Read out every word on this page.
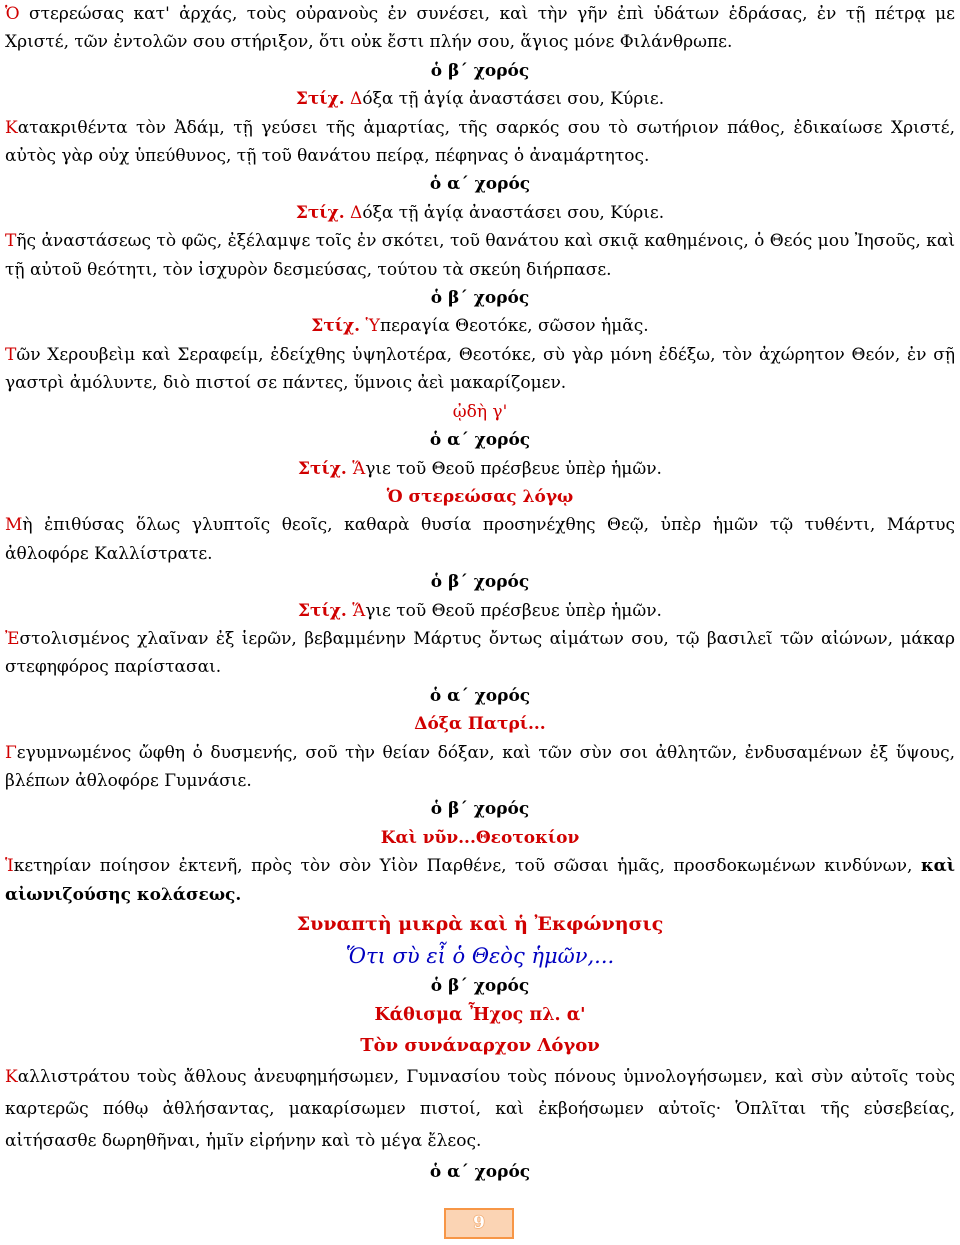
Ὁ στερεώσας κατ' ἀρχάς, τοὺς οὐρανοὺς ἐν συνέσει, καὶ τὴν γῆν ἐπὶ ὑδάτων ἑδράσας, ἐν τῇ πέτρᾳ με Χριστέ, τῶν ἐντολῶν σου στήριξον, ὅτι οὐκ ἔστι πλήν σου, ἅγιος μόνε Φιλάνθρωπε.

ὁ β΄ χορός

Στίχ. Δόξα τῇ ἁγίᾳ ἀναστάσει σου, Κύριε.

Κατακριθέντα τὸν Ἀδάμ, τῇ γεύσει τῆς ἁμαρτίας, τῆς σαρκός σου τὸ σωτήριον πάθος, ἐδικαίωσε Χριστέ, αὐτὸς γὰρ οὐχ ὑπεύθυνος, τῇ τοῦ θανάτου πείρᾳ, πέφηνας ὁ ἀναμάρτητος.

ὁ α΄ χορός

Στίχ. Δόξα τῇ ἁγίᾳ ἀναστάσει σου, Κύριε.

Τῆς ἀναστάσεως τὸ φῶς, ἐξέλαμψε τοῖς ἐν σκότει, τοῦ θανάτου καὶ σκιᾷ καθημένοις, ὁ Θεός μου Ἰησοῦς, καὶ τῇ αὐτοῦ θεότητι, τὸν ἰσχυρὸν δεσμεύσας, τούτου τὰ σκεύη διήρπασε.

ὁ β΄ χορός

Στίχ. Ὑπεραγία Θεοτόκε, σῶσον ἡμᾶς.

Τῶν Χερουβεὶμ καὶ Σεραφείμ, ἐδείχθης ὑψηλοτέρα, Θεοτόκε, σὺ γὰρ μόνη ἐδέξω, τὸν ἀχώρητον Θεόν, ἐν σῇ γαστρὶ ἀμόλυντε, διὸ πιστοί σε πάντες, ὕμνοις ἀεὶ μακαρίζομεν.

ᾠδὴ γ'

ὁ α΄ χορός

Στίχ. Ἅγιε τοῦ Θεοῦ πρέσβευε ὑπὲρ ἡμῶν.

Ὁ στερεώσας λόγῳ

Μὴ ἐπιθύσας ὅλως γλυπτοῖς θεοῖς, καθαρὰ θυσία προσηνέχθης Θεῷ, ὑπὲρ ἡμῶν τῷ τυθέντι, Μάρτυς ἀθλοφόρε Καλλίστρατε.

ὁ β΄ χορός

Στίχ. Ἅγιε τοῦ Θεοῦ πρέσβευε ὑπὲρ ἡμῶν.

Ἐστολισμένος χλαῖναν ἐξ ἱερῶν, βεβαμμένην Μάρτυς ὄντως αἱμάτων σου, τῷ βασιλεῖ τῶν αἰώνων, μάκαρ στεφηφόρος παρίστασαι.

ὁ α΄ χορός

Δόξα Πατρί...

Γεγυμνωμένος ὤφθη ὁ δυσμενής, σοῦ τὴν θείαν δόξαν, καὶ τῶν σὺν σοι ἀθλητῶν, ἐνδυσαμένων ἐξ ὕψους, βλέπων ἀθλοφόρε Γυμνάσιε.

ὁ β΄ χορός

Καὶ νῦν...Θεοτοκίον

Ἱκετηρίαν ποίησον ἐκτενῆ, πρὸς τὸν σὸν Υἱὸν Παρθένε, τοῦ σῶσαι ἡμᾶς, προσδοκωμένων κινδύνων, καὶ αἰωνιζούσης κολάσεως.

Συναπτὴ μικρὰ καὶ ἡ Ἐκφώνησις

Ὅτι σὺ εἶ ὁ Θεὸς ἡμῶν,...

ὁ β΄ χορός

Κάθισμα Ἦχος πλ. α'

Τὸν συνάναρχον Λόγον

Καλλιστράτου τοὺς ἄθλους ἀνευφημήσωμεν, Γυμνασίου τοὺς πόνους ὑμνολογήσωμεν, καὶ σὺν αὐτοῖς τοὺς καρτερῶς πόθῳ ἀθλήσαντας, μακαρίσωμεν πιστοί, καὶ ἐκβοήσωμεν αὐτοῖς· Ὁπλῖται τῆς εὐσεβείας, αἰτήσασθε δωρηθῆναι, ἡμῖν εἰρήνην καὶ τὸ μέγα ἔλεος.

ὁ α΄ χορός

9
